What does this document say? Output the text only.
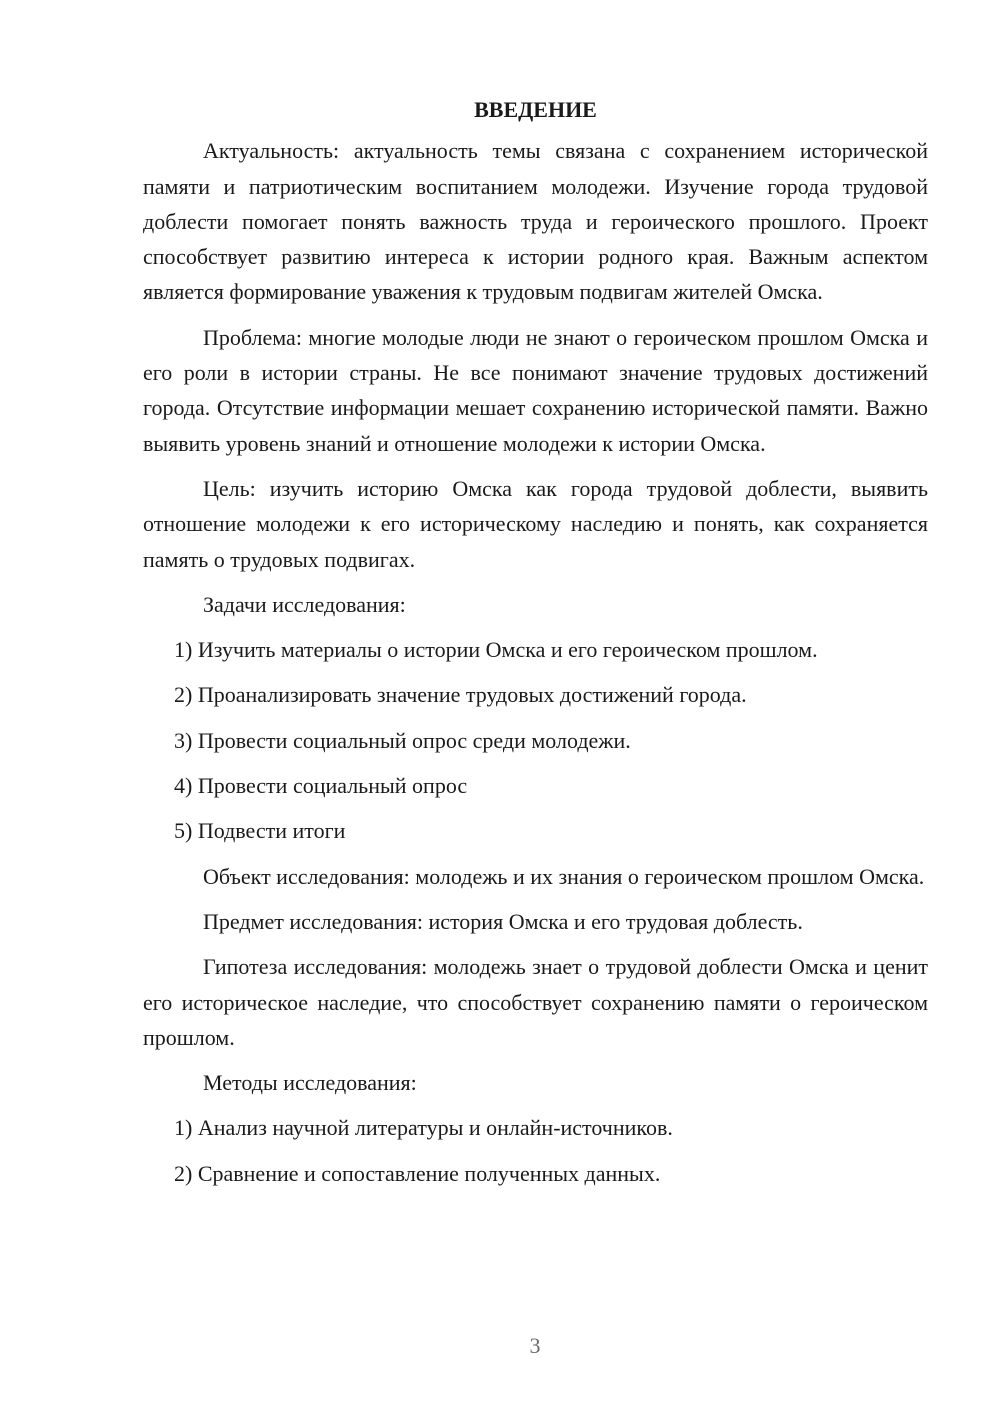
ВВЕДЕНИЕ
Актуальность: актуальность темы связана с сохранением исторической памяти и патриотическим воспитанием молодежи. Изучение города трудовой доблести помогает понять важность труда и героического прошлого. Проект способствует развитию интереса к истории родного края. Важным аспектом является формирование уважения к трудовым подвигам жителей Омска.
Проблема: многие молодые люди не знают о героическом прошлом Омска и его роли в истории страны. Не все понимают значение трудовых достижений города. Отсутствие информации мешает сохранению исторической памяти. Важно выявить уровень знаний и отношение молодежи к истории Омска.
Цель: изучить историю Омска как города трудовой доблести, выявить отношение молодежи к его историческому наследию и понять, как сохраняется память о трудовых подвигах.
Задачи исследования:
1) Изучить материалы о истории Омска и его героическом прошлом.
2) Проанализировать значение трудовых достижений города.
3) Провести социальный опрос среди молодежи.
4) Провести социальный опрос
5) Подвести итоги
Объект исследования: молодежь и их знания о героическом прошлом Омска.
Предмет исследования: история Омска и его трудовая доблесть.
Гипотеза исследования: молодежь знает о трудовой доблести Омска и ценит его историческое наследие, что способствует сохранению памяти о героическом прошлом.
Методы исследования:
1) Анализ научной литературы и онлайн-источников.
2) Сравнение и сопоставление полученных данных.
3
